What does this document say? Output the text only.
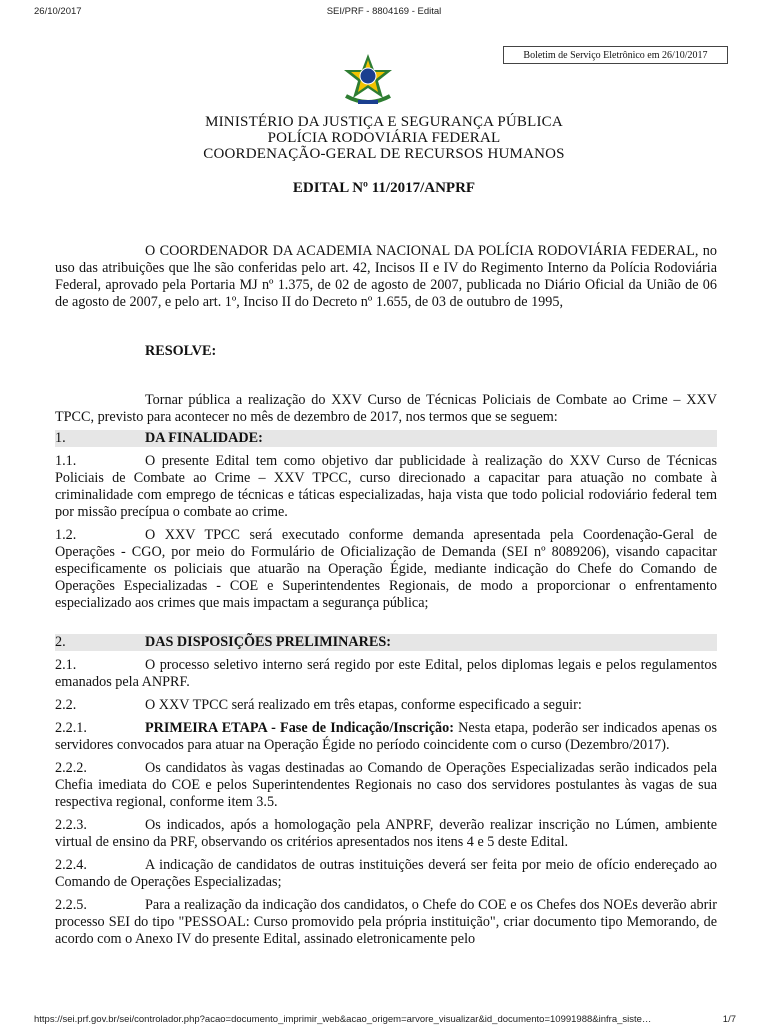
26/10/2017	SEI/PRF - 8804169 - Edital
Boletim de Serviço Eletrônico em 26/10/2017
MINISTÉRIO DA JUSTIÇA E SEGURANÇA PÚBLICA
POLÍCIA RODOVIÁRIA FEDERAL
COORDENAÇÃO-GERAL DE RECURSOS HUMANOS
EDITAL Nº 11/2017/ANPRF

O COORDENADOR DA ACADEMIA NACIONAL DA POLÍCIA RODOVIÁRIA FEDERAL, no uso das atribuições que lhe são conferidas pelo art. 42, Incisos II e IV do Regimento Interno da Polícia Rodoviária Federal, aprovado pela Portaria MJ nº 1.375, de 02 de agosto de 2007, publicada no Diário Oficial da União de 06 de agosto de 2007, e pelo art. 1º, Inciso II do Decreto nº 1.655, de 03 de outubro de 1995,

RESOLVE:

Tornar pública a realização do XXV Curso de Técnicas Policiais de Combate ao Crime – XXV TPCC, previsto para acontecer no mês de dezembro de 2017, nos termos que se seguem:

1.	DA FINALIDADE:

1.1.	O presente Edital tem como objetivo dar publicidade à realização do XXV Curso de Técnicas Policiais de Combate ao Crime – XXV TPCC, curso direcionado a capacitar para atuação no combate à criminalidade com emprego de técnicas e táticas especializadas, haja vista que todo policial rodoviário federal tem por missão precípua o combate ao crime.

1.2.	O XXV TPCC será executado conforme demanda apresentada pela Coordenação-Geral de Operações - CGO, por meio do Formulário de Oficialização de Demanda (SEI nº 8089206), visando capacitar especificamente os policiais que atuarão na Operação Égide, mediante indicação do Chefe do Comando de Operações Especializadas - COE e Superintendentes Regionais, de modo a proporcionar o enfrentamento especializado aos crimes que mais impactam a segurança pública;

2.	DAS DISPOSIÇÕES PRELIMINARES:

2.1.	O processo seletivo interno será regido por este Edital, pelos diplomas legais e pelos regulamentos emanados pela ANPRF.

2.2.	O XXV TPCC será realizado em três etapas, conforme especificado a seguir:

2.2.1.	PRIMEIRA ETAPA - Fase de Indicação/Inscrição: Nesta etapa, poderão ser indicados apenas os servidores convocados para atuar na Operação Égide no período coincidente com o curso (Dezembro/2017).

2.2.2.	Os candidatos às vagas destinadas ao Comando de Operações Especializadas serão indicados pela Chefia imediata do COE e pelos Superintendentes Regionais no caso dos servidores postulantes às vagas de sua respectiva regional, conforme item 3.5.

2.2.3.	Os indicados, após a homologação pela ANPRF, deverão realizar inscrição no Lúmen, ambiente virtual de ensino da PRF, observando os critérios apresentados nos itens 4 e 5 deste Edital.

2.2.4.	A indicação de candidatos de outras instituições deverá ser feita por meio de ofício endereçado ao Comando de Operações Especializadas;

2.2.5.	Para a realização da indicação dos candidatos, o Chefe do COE e os Chefes dos NOEs deverão abrir processo SEI do tipo "PESSOAL: Curso promovido pela própria instituição", criar documento tipo Memorando, de acordo com o Anexo IV do presente Edital, assinado eletronicamente pelo

https://sei.prf.gov.br/sei/controlador.php?acao=documento_imprimir_web&acao_origem=arvore_visualizar&id_documento=10991988&infra_siste…	1/7
